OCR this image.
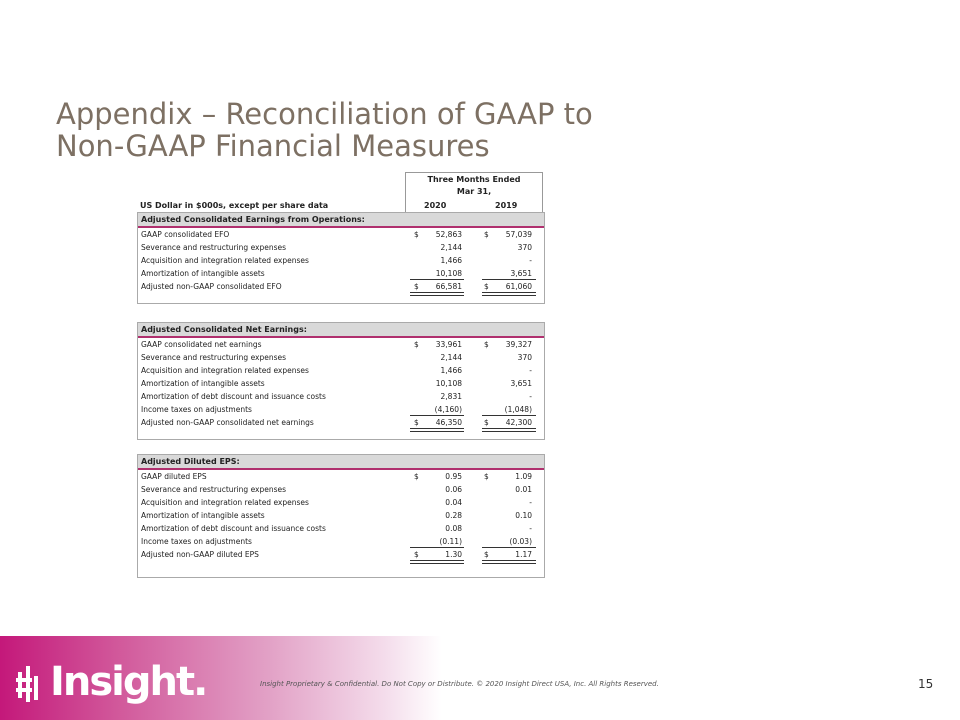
Appendix – Reconciliation of GAAP to
Non-GAAP Financial Measures
Three Months Ended
Mar 31,
US Dollar in $000s, except per share data	2020	2019
Adjusted Consolidated Earnings from Operations:
GAAP consolidated EFO	$ 52,863	$ 57,039
Severance and restructuring expenses	2,144	370
Acquisition and integration related expenses	1,466	-
Amortization of intangible assets	10,108	3,651
Adjusted non-GAAP consolidated EFO	$ 66,581	$ 61,060
Adjusted Consolidated Net Earnings:
GAAP consolidated net earnings	$ 33,961	$ 39,327
Severance and restructuring expenses	2,144	370
Acquisition and integration related expenses	1,466	-
Amortization of intangible assets	10,108	3,651
Amortization of debt discount and issuance costs	2,831	-
Income taxes on adjustments	(4,160)	(1,048)
Adjusted non-GAAP consolidated net earnings	$ 46,350	$ 42,300
Adjusted Diluted EPS:
GAAP diluted EPS	$	0.95	$	1.09
Severance and restructuring expenses	0.06	0.01
Acquisition and integration related expenses	0.04	-
Amortization of intangible assets	0.28	0.10
Amortization of debt discount and issuance costs	0.08	-
Income taxes on adjustments	(0.11)	(0.03)
Adjusted non-GAAP diluted EPS	$	1.30	$	1.17
Insight.	Insight Proprietary & Confidential. Do Not Copy or Distribute. © 2020 Insight Direct USA, Inc. All Rights Reserved.	15
